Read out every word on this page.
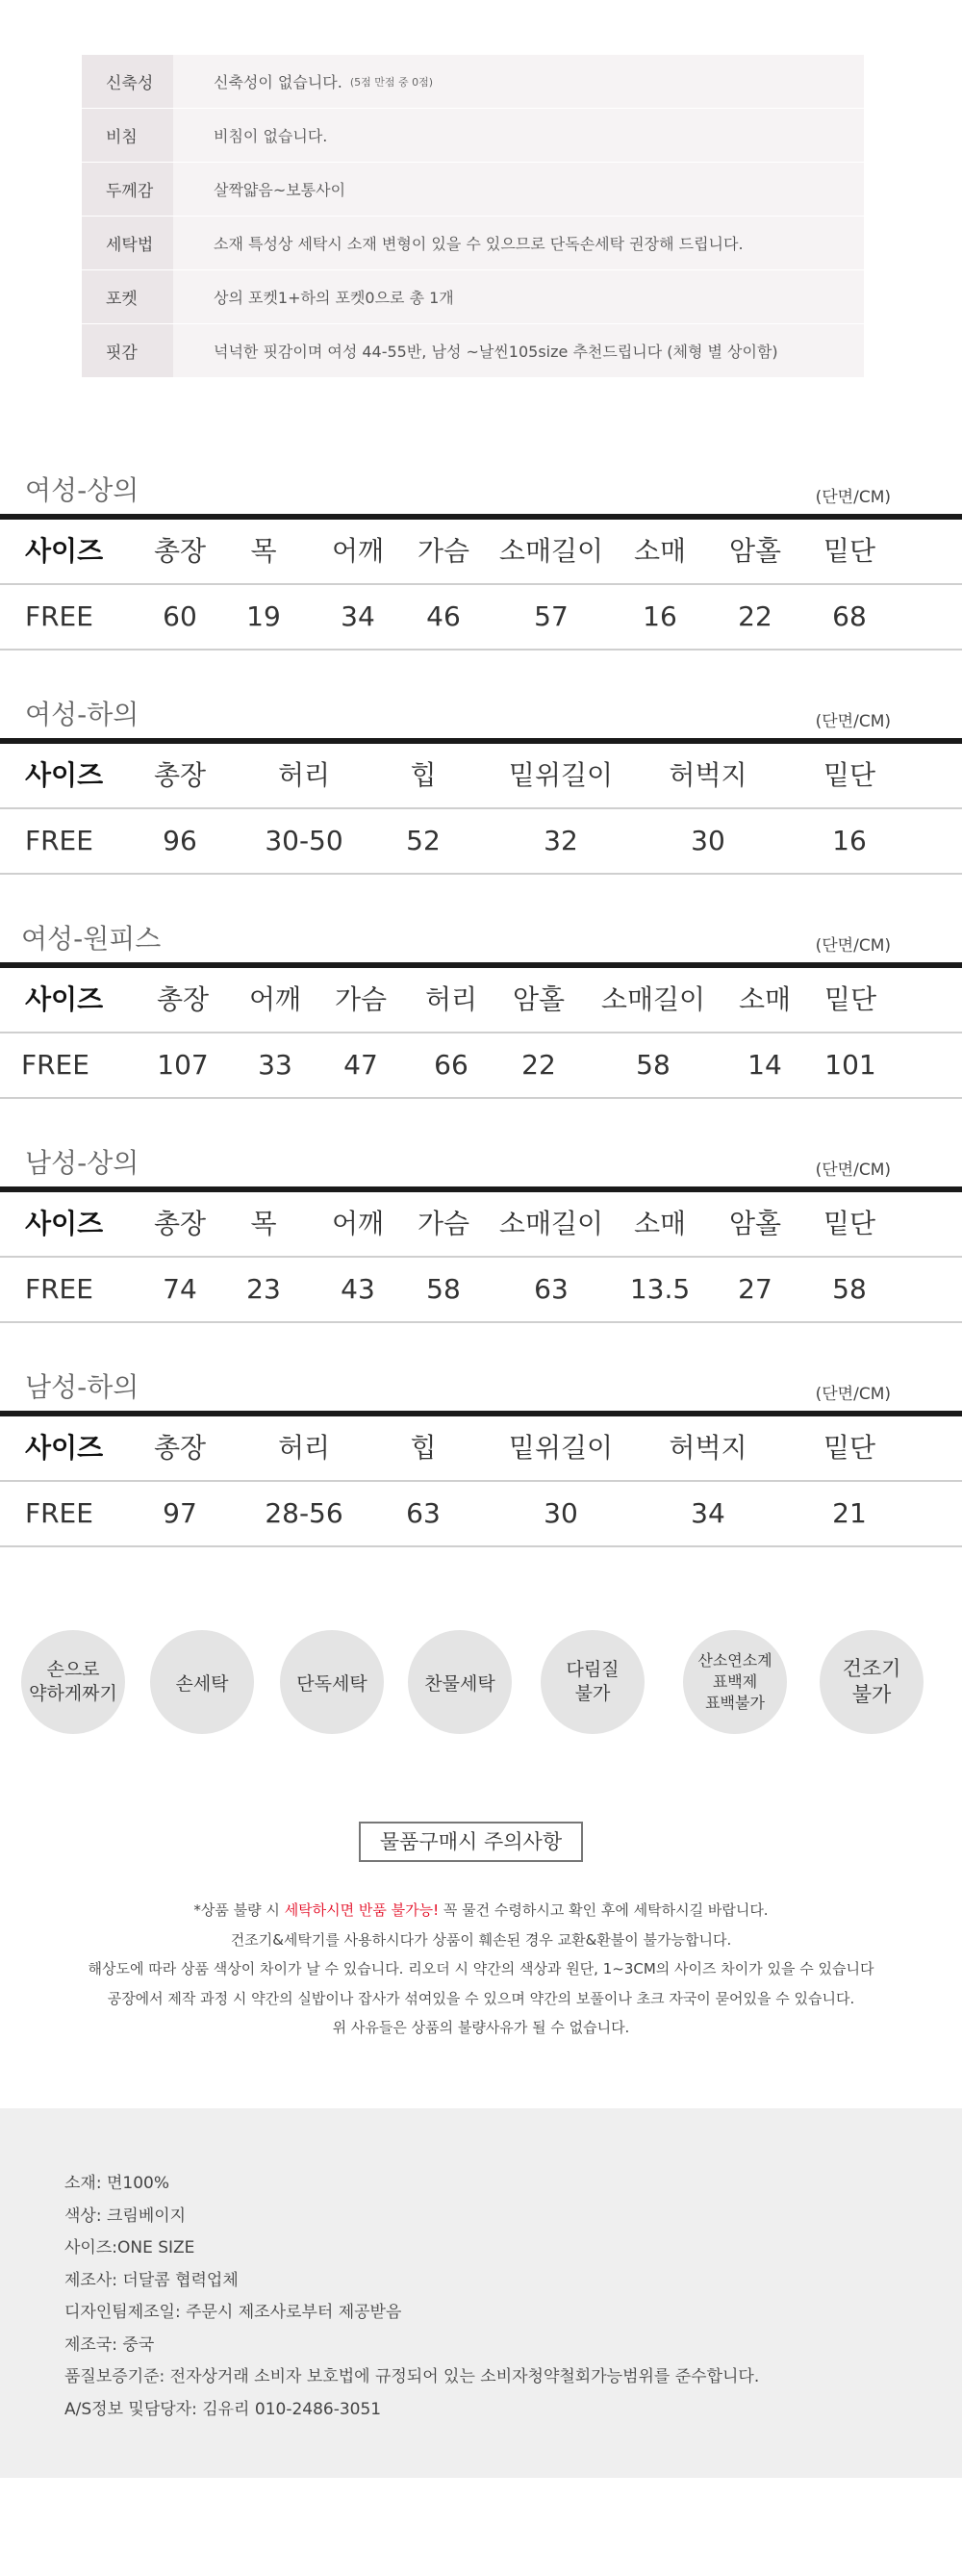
신축성	신축성이 없습니다. (5점 만점 중 0점)
비침	비침이 없습니다.
두께감	살짝얇음~보통사이
세탁법	소재 특성상 세탁시 소재 변형이 있을 수 있으므로 단독손세탁 권장해 드립니다.
포켓	상의 포켓1+하의 포켓0으로 총 1개
핏감	넉넉한 핏감이며 여성 44-55반, 남성 ~날씬105size 추천드립니다 (체형 별 상이함)
여성-상의	(단면/CM)
사이즈 총장 목 어깨 가슴 소매길이 소매 암홀 밑단
FREE	60 19 34 46	57	16 22 68
여성-하의	(단면/CM)
사이즈 총장	허리	힙	밑위길이 허벅지	밑단
FREE	96	30-50 52	32	30	16
여성-원피스	(단면/CM)
사이즈 총장 어깨 가슴 허리 암홀 소매길이 소매 밑단
FREE	107 33 47 66 22	58	14 101
남성-상의	(단면/CM)
사이즈 총장 목 어깨 가슴 소매길이 소매 암홀 밑단
FREE	74 23 43 58	63 13.5 27 58
남성-하의	(단면/CM)
사이즈 총장	허리	힙	밑위길이 허벅지	밑단
FREE	97	28-56 63	30	34	21
손으로
약하게짜기	손세탁	단독세탁	찬물세탁
다림질
불가
산소연소계
표백제
표백불가
건조기
불가
물품구매시 주의사항
*상품 불량 시 세탁하시면 반품 불가능! 꼭 물건 수령하시고 확인 후에 세탁하시길 바랍니다.
건조기&세탁기를 사용하시다가 상품이 훼손된 경우 교환&환불이 불가능합니다.
해상도에 따라 상품 색상이 차이가 날 수 있습니다. 리오더 시 약간의 색상과 원단, 1~3CM의 사이즈 차이가 있을 수 있습니다
공장에서 제작 과정 시 약간의 실밥이나 잡사가 섞여있을 수 있으며 약간의 보풀이나 초크 자국이 묻어있을 수 있습니다.
위 사유들은 상품의 불량사유가 될 수 없습니다.
소재: 면100%
색상: 크림베이지
사이즈:ONE SIZE
제조사: 더달콤 협력업체
디자인팀제조일: 주문시 제조사로부터 제공받음
제조국: 중국
품질보증기준: 전자상거래 소비자 보호법에 규정되어 있는 소비자청약철회가능범위를 준수합니다.
A/S정보 및담당자: 김유리 010-2486-3051
